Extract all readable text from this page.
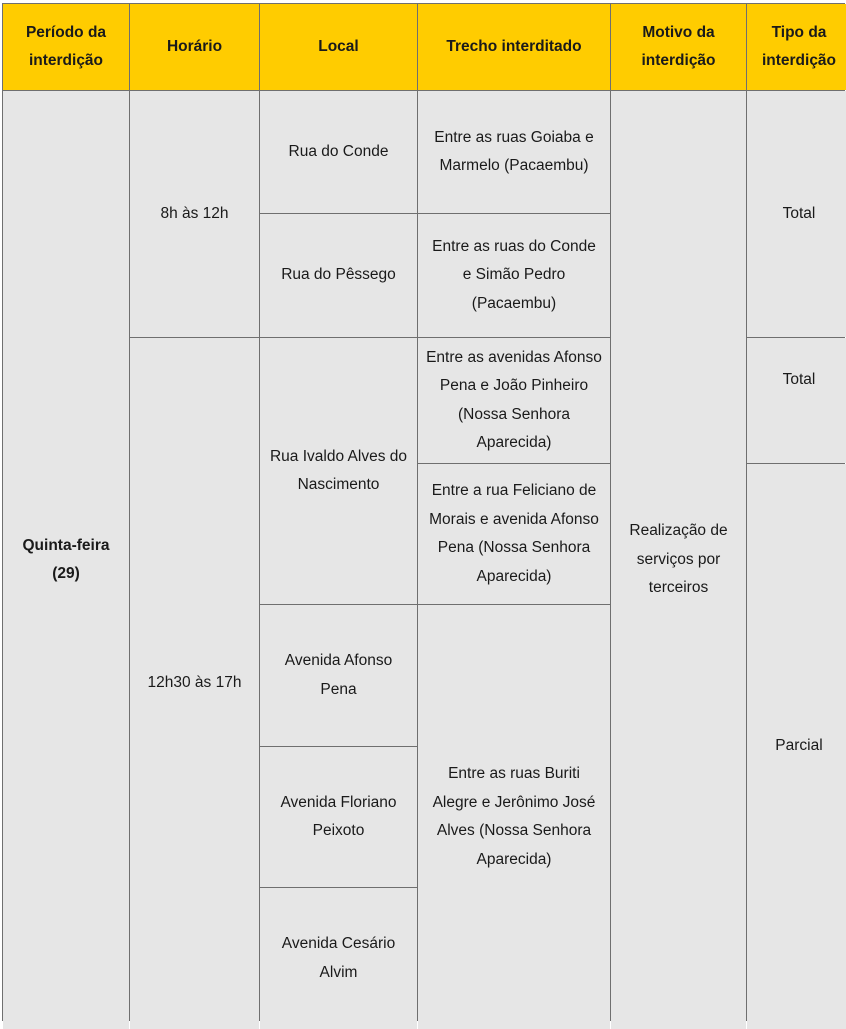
Período da interdição
Horário	Local	Trecho interditado
Motivo da interdição
Tipo da interdição
Quinta-feira (29)
8h às 12h
12h30 às 17h
Rua do Conde
Rua do Pêssego
Rua Ivaldo Alves do Nascimento
Avenida Afonso Pena
Avenida Floriano Peixoto
Avenida Cesário Alvim
Entre as ruas Goiaba e Marmelo (Pacaembu)
Entre as ruas do Conde e Simão Pedro (Pacaembu)
Entre as avenidas Afonso Pena e João Pinheiro (Nossa Senhora Aparecida)
Entre a rua Feliciano de Morais e avenida Afonso Pena (Nossa Senhora Aparecida)
Entre as ruas Buriti Alegre e Jerônimo José Alves (Nossa Senhora Aparecida)
Realização de serviços por terceiros
Total
Total
Parcial
